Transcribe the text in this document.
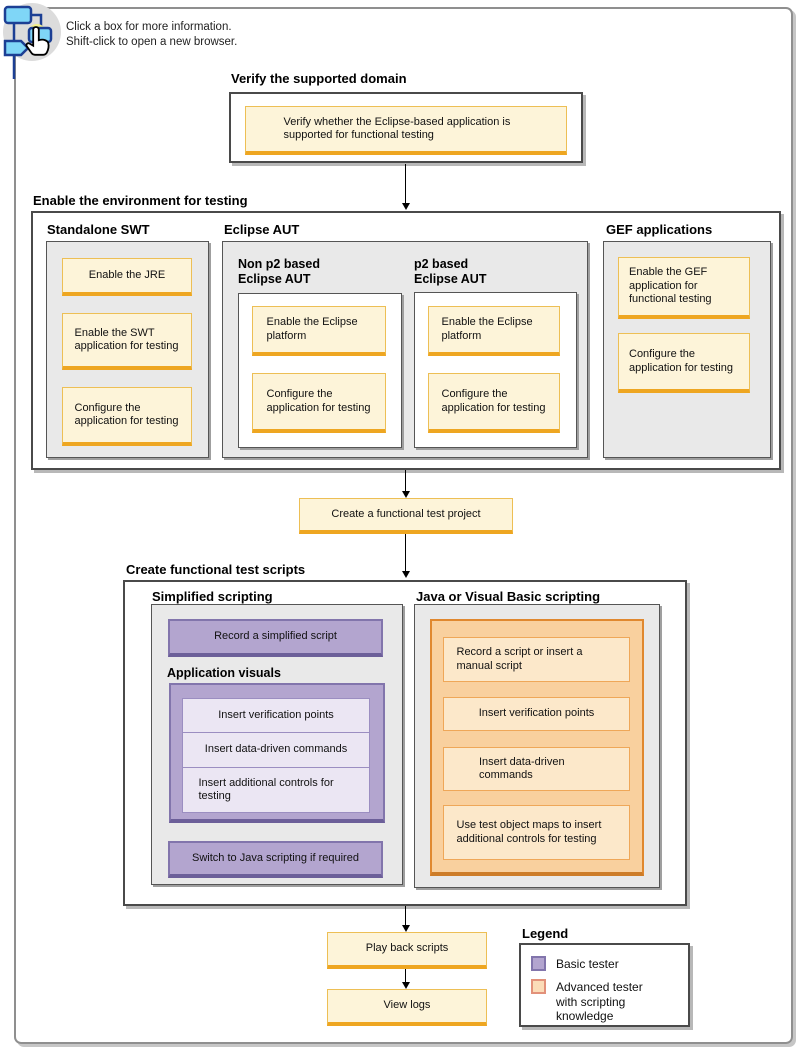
Click a box for more information.
Shift-click to open a new browser.
Verify the supported domain
Verify whether the Eclipse-based application is supported for functional testing
Enable the environment for testing
Standalone SWT
Enable the JRE
Enable the SWT application for testing
Configure the application for testing
Eclipse AUT
Non p2 based Eclipse AUT
Enable the Eclipse platform
Configure the application for testing
p2 based Eclipse AUT
Enable the Eclipse platform
Configure the application for testing
GEF applications
Enable the GEF application for functional testing
Configure the application for testing
Create a functional test project
Create functional test scripts
Simplified scripting
Record a simplified script
Application visuals
Insert verification points
Insert data-driven commands
Insert additional controls for testing
Switch to Java scripting if required
Java or Visual Basic scripting
Record a script or insert a manual script
Insert verification points
Insert data-driven commands
Use test object maps to insert additional controls for testing
Play back scripts
View logs
Legend
Basic tester
Advanced tester with scripting knowledge
